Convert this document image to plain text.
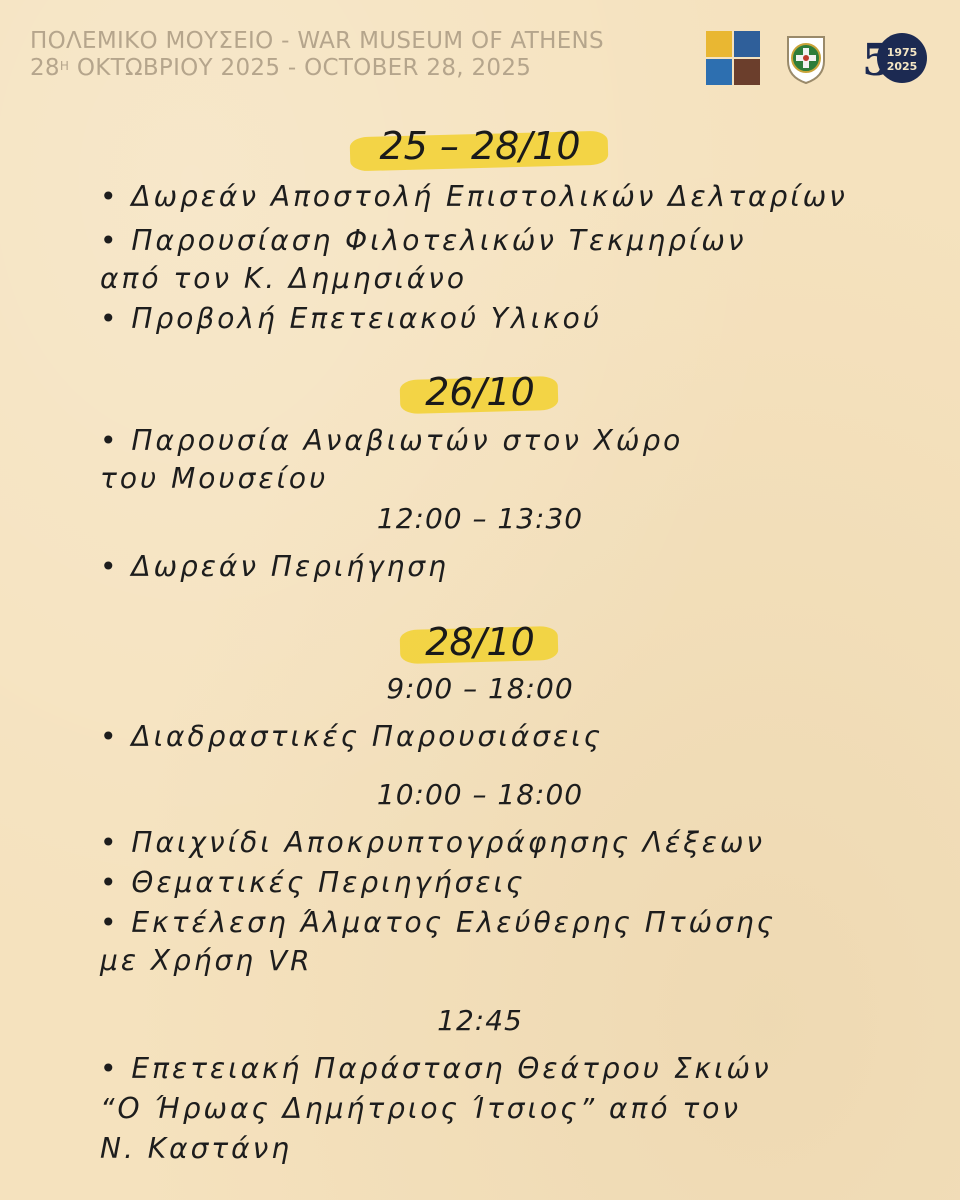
ΠΟΛΕΜΙΚΟ ΜΟΥΣΕΙΟ - WAR MUSEUM OF ATHENS
$28^H$ ΟΚΤΩΒΡΙΟΥ 2025 - OCTOBER 28, 2025	5
1975
2025
25 – 28/10
• Δωρεάν Αποστολή Επιστολικών Δελταρίων
• Παρουσίαση Φιλοτελικών Τεκμηρίων
από τον Κ. Δημησιάνο
• Προβολή Επετειακού Υλικού
26/10
• Παρουσία Αναβιωτών στον Χώρο
του Μουσείου
12:00 – 13:30
• Δωρεάν Περιήγηση
28/10
9:00 – 18:00
• Διαδραστικές Παρουσιάσεις
10:00 – 18:00
• Παιχνίδι Αποκρυπτογράφησης Λέξεων
• Θεματικές Περιηγήσεις
• Εκτέλεση Άλματος Ελεύθερης Πτώσης
με Χρήση VR
12:45
• Επετειακή Παράσταση Θεάτρου Σκιών
“Ο Ήρωας Δημήτριος Ίτσιος” από τον
Ν. Καστάνη
